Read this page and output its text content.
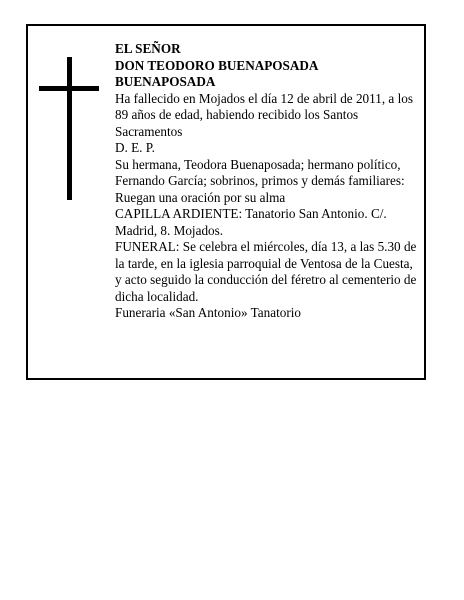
EL SEÑOR

DON TEODORO BUENAPOSADA

BUENAPOSADA

Ha fallecido en Mojados el día 12 de abril de 2011, a los 89 años de edad, habiendo recibido los Santos Sacramentos

D. E. P.

Su hermana, Teodora Buenaposada; hermano político, Fernando García; sobrinos, primos y demás familiares:

Ruegan una oración por su alma

CAPILLA ARDIENTE: Tanatorio San Antonio. C/. Madrid, 8. Mojados.

FUNERAL: Se celebra el miércoles, día 13, a las 5.30 de la tarde, en la iglesia parroquial de Ventosa de la Cuesta, y acto seguido la conducción del féretro al cementerio de dicha localidad.

Funeraria «San Antonio» Tanatorio
